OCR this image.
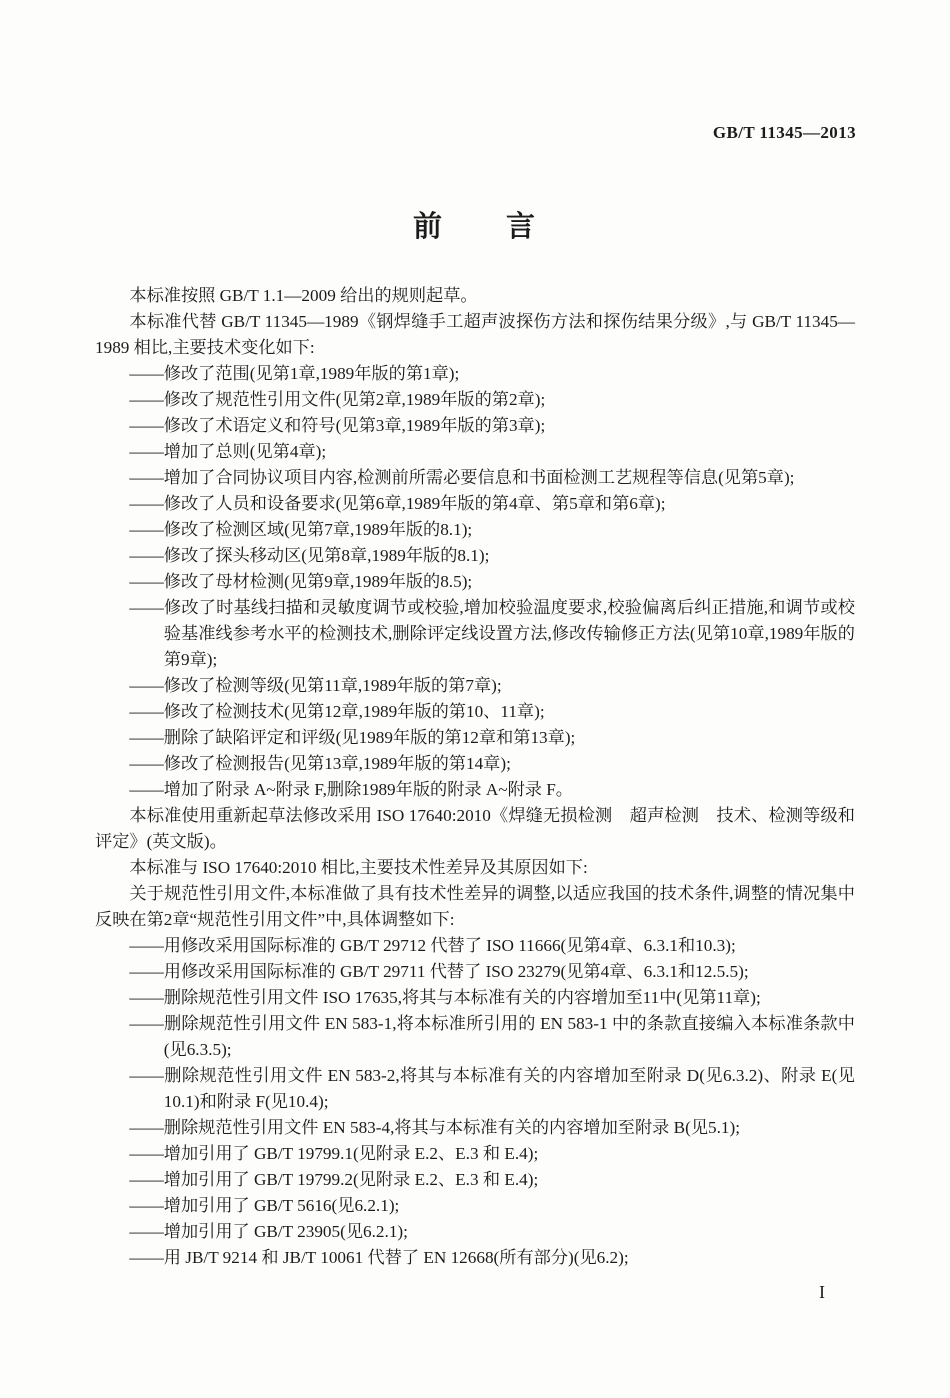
GB/T 11345—2013
前　　言

本标准按照 GB/T 1.1—2009 给出的规则起草。

本标准代替 GB/T 11345—1989《钢焊缝手工超声波探伤方法和探伤结果分级》,与 GB/T 11345—1989 相比,主要技术变化如下:

——修改了范围(见第1章,1989年版的第1章);

——修改了规范性引用文件(见第2章,1989年版的第2章);

——修改了术语定义和符号(见第3章,1989年版的第3章);

——增加了总则(见第4章);

——增加了合同协议项目内容,检测前所需必要信息和书面检测工艺规程等信息(见第5章);

——修改了人员和设备要求(见第6章,1989年版的第4章、第5章和第6章);

——修改了检测区域(见第7章,1989年版的8.1);

——修改了探头移动区(见第8章,1989年版的8.1);

——修改了母材检测(见第9章,1989年版的8.5);

——修改了时基线扫描和灵敏度调节或校验,增加校验温度要求,校验偏离后纠正措施,和调节或校验基准线参考水平的检测技术,删除评定线设置方法,修改传输修正方法(见第10章,1989年版的第9章);

——修改了检测等级(见第11章,1989年版的第7章);

——修改了检测技术(见第12章,1989年版的第10、11章);

——删除了缺陷评定和评级(见1989年版的第12章和第13章);

——修改了检测报告(见第13章,1989年版的第14章);

——增加了附录 A~附录 F,删除1989年版的附录 A~附录 F。

本标准使用重新起草法修改采用 ISO 17640:2010《焊缝无损检测　超声检测　技术、检测等级和评定》(英文版)。

本标准与 ISO 17640:2010 相比,主要技术性差异及其原因如下:

关于规范性引用文件,本标准做了具有技术性差异的调整,以适应我国的技术条件,调整的情况集中反映在第2章“规范性引用文件”中,具体调整如下:

——用修改采用国际标准的 GB/T 29712 代替了 ISO 11666(见第4章、6.3.1和10.3);

——用修改采用国际标准的 GB/T 29711 代替了 ISO 23279(见第4章、6.3.1和12.5.5);

——删除规范性引用文件 ISO 17635,将其与本标准有关的内容增加至11中(见第11章);

——删除规范性引用文件 EN 583-1,将本标准所引用的 EN 583-1 中的条款直接编入本标准条款中(见6.3.5);

——删除规范性引用文件 EN 583-2,将其与本标准有关的内容增加至附录 D(见6.3.2)、附录 E(见10.1)和附录 F(见10.4);

——删除规范性引用文件 EN 583-4,将其与本标准有关的内容增加至附录 B(见5.1);

——增加引用了 GB/T 19799.1(见附录 E.2、E.3 和 E.4);

——增加引用了 GB/T 19799.2(见附录 E.2、E.3 和 E.4);

——增加引用了 GB/T 5616(见6.2.1);

——增加引用了 GB/T 23905(见6.2.1);

——用 JB/T 9214 和 JB/T 10061 代替了 EN 12668(所有部分)(见6.2);

I
